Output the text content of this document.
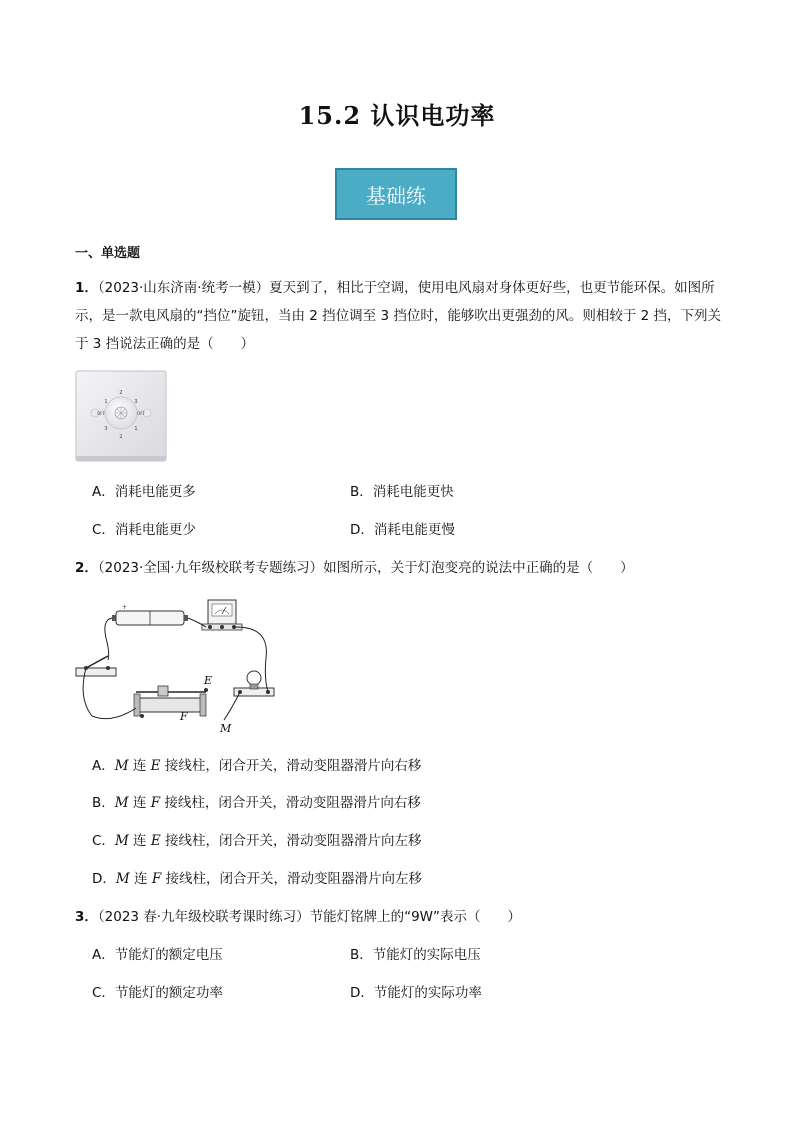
15.2 认识电功率
基础练
一、单选题
1．（2023·山东济南·统考一模）夏天到了，相比于空调，使用电风扇对身体更好些，也更节能环保。如图所示，是一款电风扇的“挡位”旋钮，当由 2 挡位调至 3 挡位时，能够吹出更强劲的风。则相较于 2 挡，下列关于 3 挡说法正确的是（　　）
2
1	3
3	1
2
OFF	OFF
A．消耗电能更多	B．消耗电能更快
C．消耗电能更少	D．消耗电能更慢
2．（2023·全国·九年级校联考专题练习）如图所示，关于灯泡变亮的说法中正确的是（　　）
+
E
F
M
A．M 连 E 接线柱，闭合开关，滑动变阻器滑片向右移
B．M 连 F 接线柱，闭合开关，滑动变阻器滑片向右移
C．M 连 E 接线柱，闭合开关，滑动变阻器滑片向左移
D．M 连 F 接线柱，闭合开关，滑动变阻器滑片向左移
3．（2023 春·九年级校联考课时练习）节能灯铭牌上的“9W”表示（　　）
A．节能灯的额定电压	B．节能灯的实际电压
C．节能灯的额定功率	D．节能灯的实际功率
